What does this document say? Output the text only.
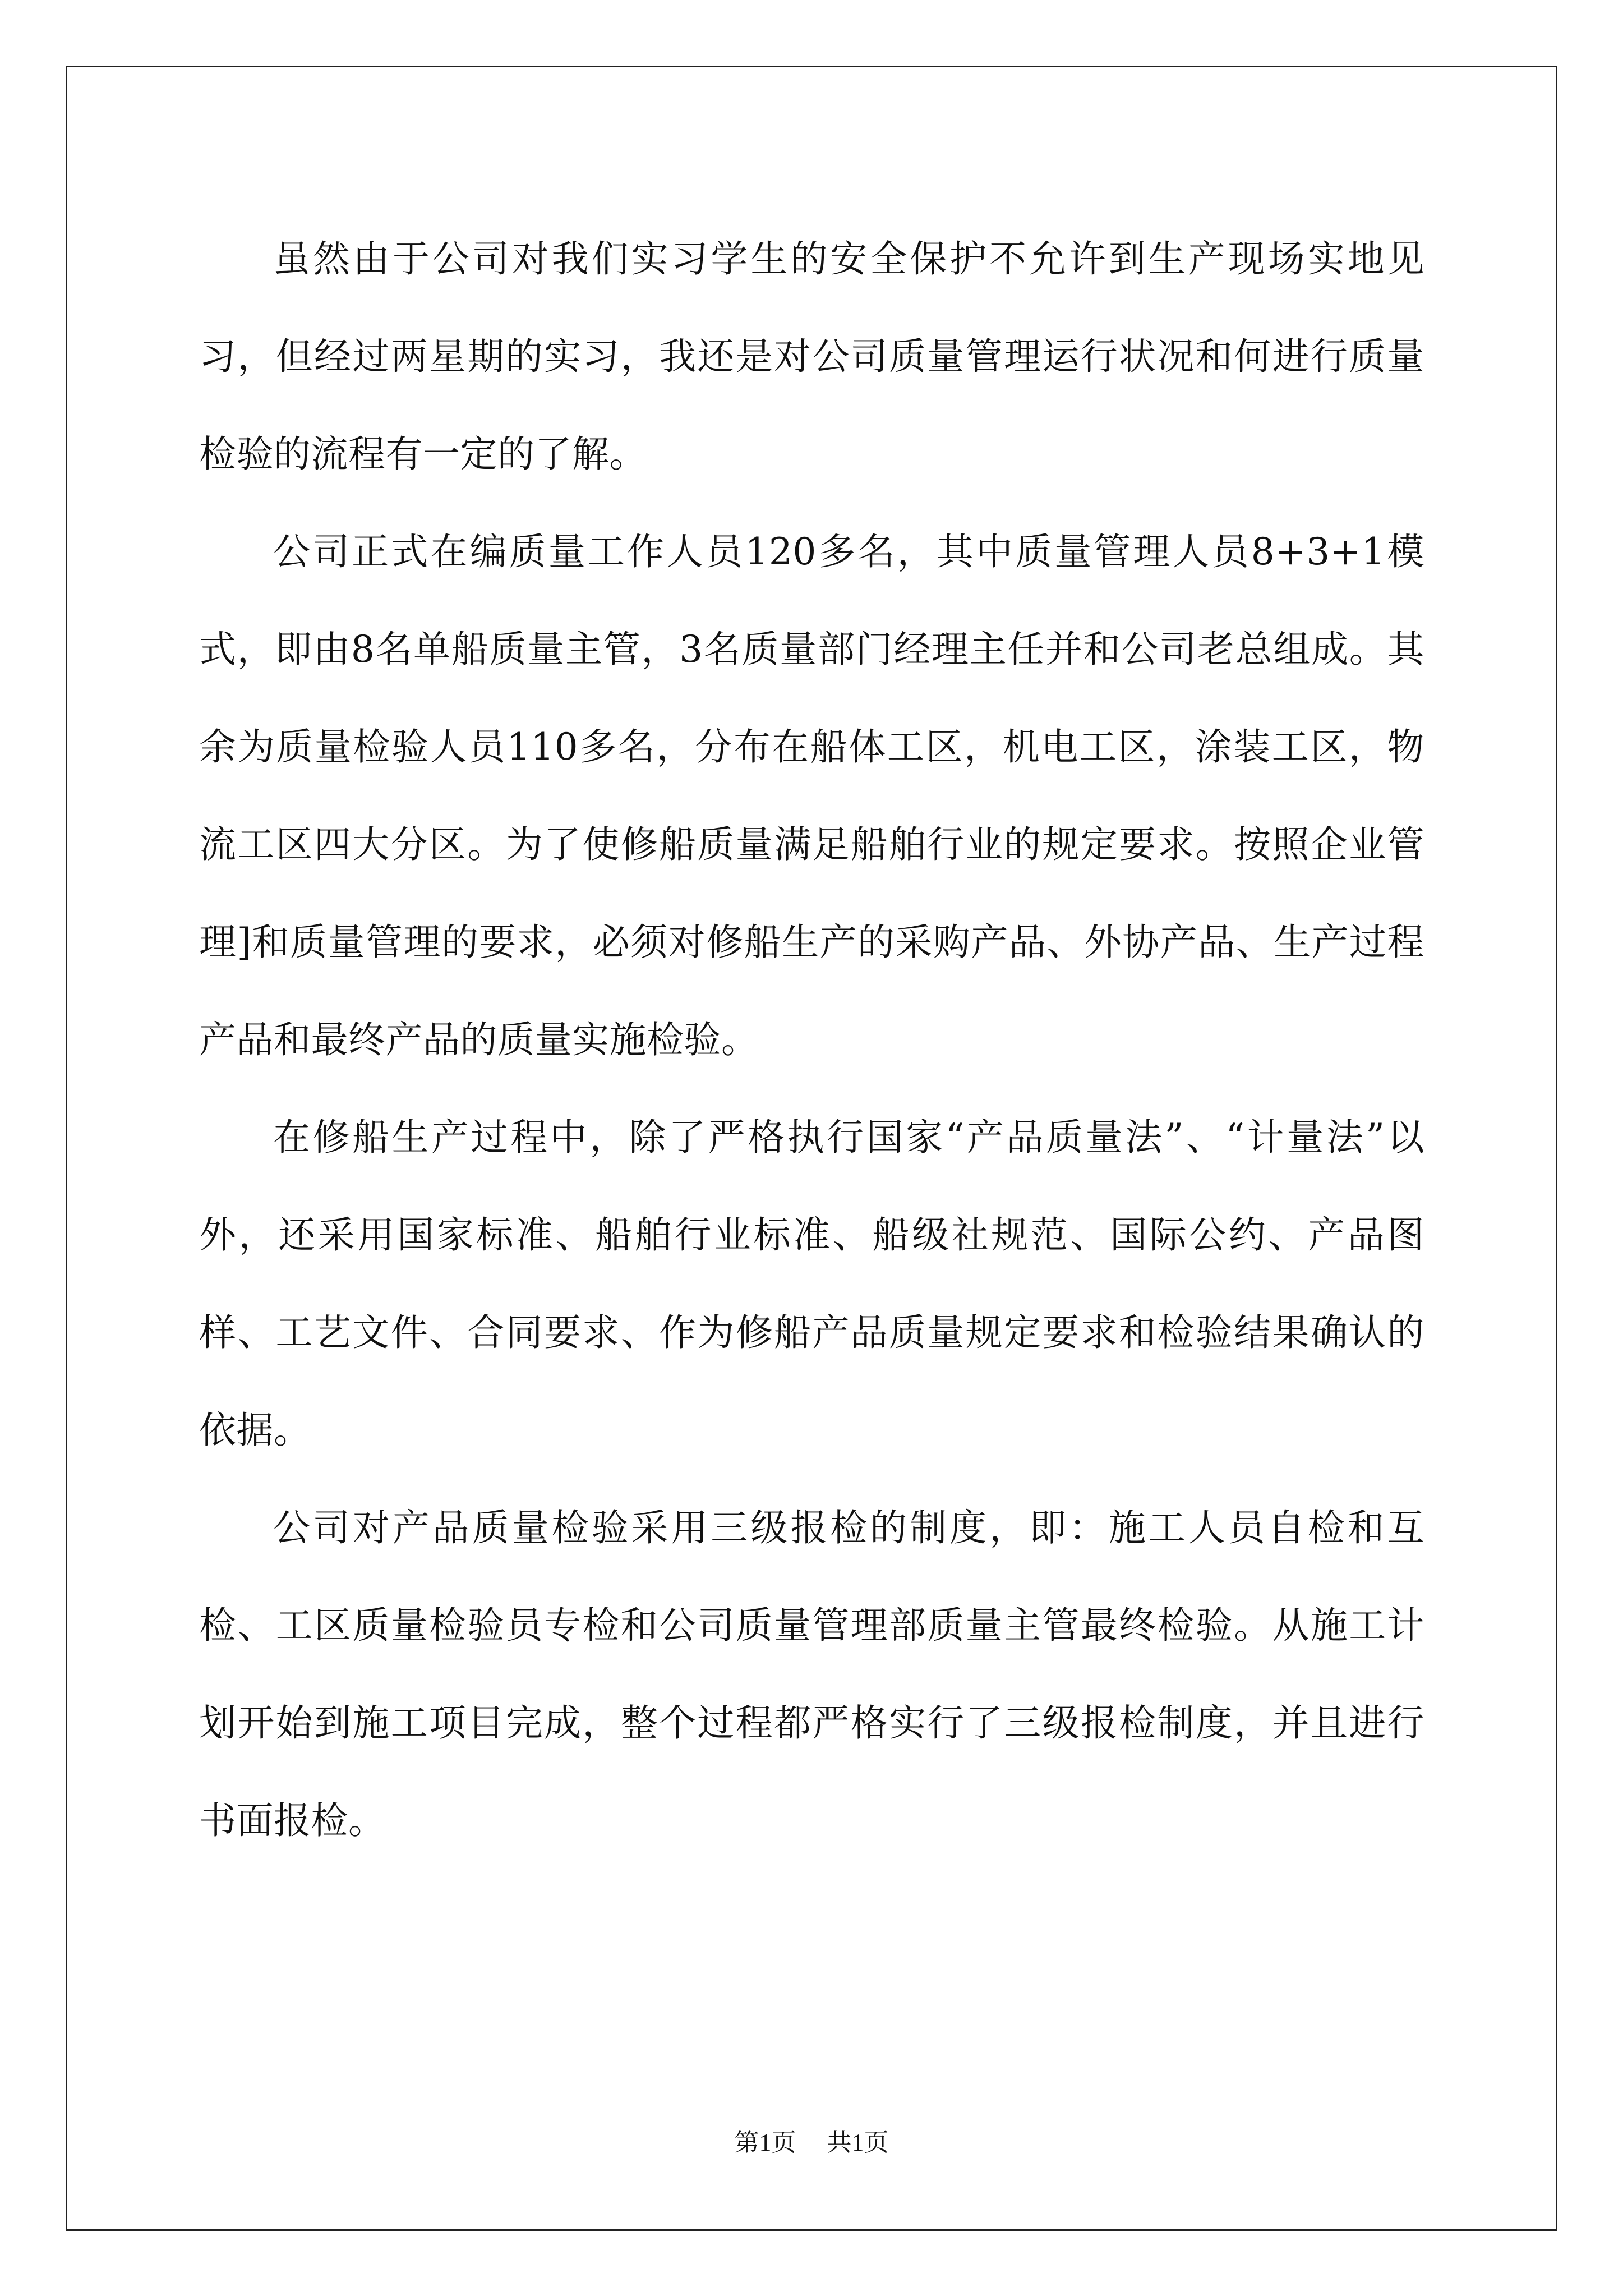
虽然由于公司对我们实习学生的安全保护不允许到生产现场实地见习，但经过两星期的实习，我还是对公司质量管理运行状况和何进行质量检验的流程有一定的了解。

公司正式在编质量工作人员120多名，其中质量管理人员8+3+1模式，即由8名单船质量主管，3名质量部门经理主任并和公司老总组成。其余为质量检验人员110多名，分布在船体工区，机电工区，涂装工区，物流工区四大分区。为了使修船质量满足船舶行业的规定要求。按照企业管理]和质量管理的要求，必须对修船生产的采购产品、外协产品、生产过程产品和最终产品的质量实施检验。

在修船生产过程中，除了严格执行国家“产品质量法”、“计量法”以外，还采用国家标准、船舶行业标准、船级社规范、国际公约、产品图样、工艺文件、合同要求、作为修船产品质量规定要求和检验结果确认的依据。

公司对产品质量检验采用三级报检的制度，即：施工人员自检和互检、工区质量检验员专检和公司质量管理部质量主管最终检验。从施工计划开始到施工项目完成，整个过程都严格实行了三级报检制度，并且进行书面报检。

第1页 共1页
